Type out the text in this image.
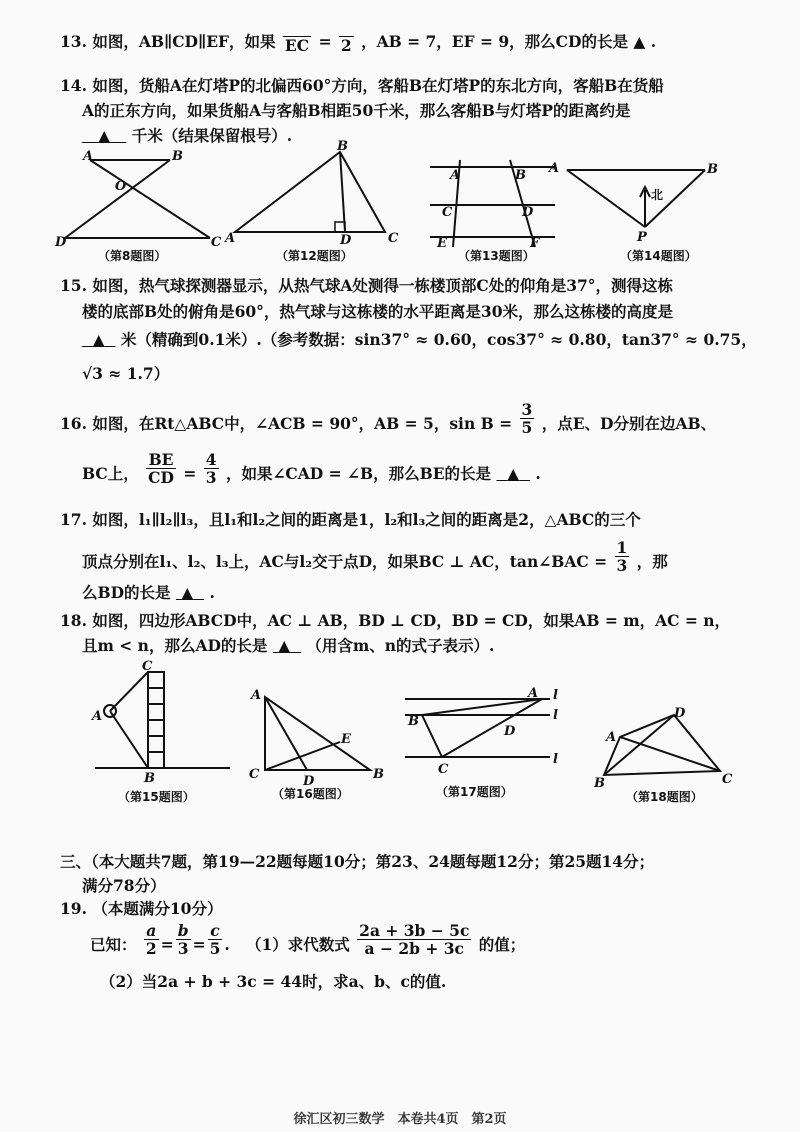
13. 如图，AB∥CD∥EF，如果
EC =
2 ，AB = 7，EF = 9，那么CD的长是 ▲ .
14. 如图，货船A在灯塔P的北偏西60°方向，客船B在灯塔P的东北方向，客船B在货船
A的正东方向，如果货船A与客船B相距50千米，那么客船B与灯塔P的距离约是
▲ 千米（结果保留根号）.
A	B
O
D	C
（第8题图）
A
B
D	C
（第12题图）
A	B
C	D
E	F
（第13题图）
A	B
P
北
（第14题图）
15. 如图，热气球探测器显示，从热气球A处测得一栋楼顶部C处的仰角是37°，测得这栋
楼的底部B处的俯角是60°，热气球与这栋楼的水平距离是30米，那么这栋楼的高度是
▲ 米（精确到0.1米）.（参考数据：sin37° ≈ 0.60，cos37° ≈ 0.80，tan37° ≈ 0.75，
√3 ≈ 1.7）
16. 如图，在Rt△ABC中，∠ACB = 90°，AB = 5，$\sin B = \frac{3}{5}$ ，点E、D分别在边AB、
BC上， $\frac{BE}{CD} = \frac{4}{3}$ ，如果∠CAD = ∠B，那么BE的长是 ▲ .
17. 如图，l₁∥l₂∥l₃，且l₁和l₂之间的距离是1，l₂和l₃之间的距离是2，△ABC的三个
顶点分别在l₁、l₂、l₃上，AC与l₂交于点D，如果BC ⊥ AC，tan∠BAC = $\frac{1}{3}$ ，那
么BD的长是 ▲ .
18. 如图，四边形ABCD中，AC ⊥ AB，BD ⊥ CD，BD = CD，如果AB = m，AC = n，
且m < n，那么AD的长是 ▲ （用含m、n的式子表示）.
C
A
B
（第15题图）
A
C	D	B
E
（第16题图）
A
B
D
C
l
l
l
（第17题图）
A
D
C
B
（第18题图）
三、（本大题共7题，第19—22题每题10分；第23、24题每题12分；第25题14分；
满分78分）
19. （本题满分10分）
已知： $\frac{a}{2} = \frac{b}{3} = \frac{c}{5}$ .   （1）求代数式 $\frac{2a + 3b - 5c}{a - 2b + 3c}$ 的值；
（2）当2a + b + 3c = 44时，求a、b、c的值.
徐汇区初三数学　本卷共4页　第2页
